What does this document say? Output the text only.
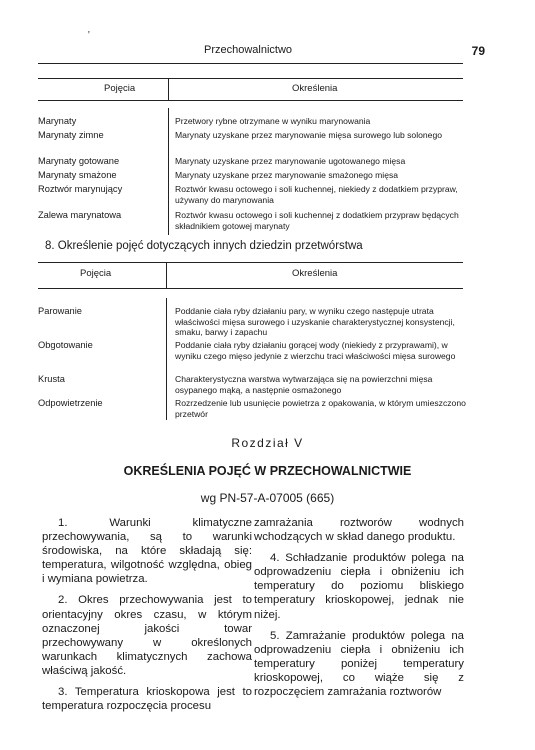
'
Przechowalnictwo	79
Pojęcia	Określenia
Marynaty	Przetwory rybne otrzymane w wyniku marynowania
Marynaty zimne	Marynaty uzyskane przez marynowanie mięsa surowego lub solonego
Marynaty gotowane	Marynaty uzyskane przez marynowanie ugotowanego mięsa
Marynaty smażone	Marynaty uzyskane przez marynowanie smażonego mięsa
Roztwór marynujący	Roztwór kwasu octowego i soli kuchennej, niekiedy z dodatkiem przypraw, używany do marynowania
Zalewa marynatowa	Roztwór kwasu octowego i soli kuchennej z dodatkiem przypraw będących składnikiem gotowej marynaty
8. Określenie pojęć dotyczących innych dziedzin przetwórstwa
Pojęcia	Określenia
Parowanie	Poddanie ciała ryby działaniu pary, w wyniku czego następuje utrata właściwości mięsa surowego i uzyskanie charakterystycznej konsystencji, smaku, barwy i zapachu
Obgotowanie	Poddanie ciała ryby działaniu gorącej wody (niekiedy z przyprawami), w wyniku czego mięso jedynie z wierzchu traci właściwości mięsa surowego
Krusta	Charakterystyczna warstwa wytwarzająca się na powierzchni mięsa osypanego mąką, a następnie osmażonego
Odpowietrzenie	Rozrzedzenie lub usunięcie powietrza z opakowania, w którym umieszczono przetwór
Rozdział V
OKREŚLENIA POJĘĆ W PRZECHOWALNICTWIE
wg PN-57-A-07005 (665)

1. Warunki klimatyczne przechowywania, są to warunki środowiska, na które składają się: temperatura, wilgotność względna, obieg i wymiana powietrza.

2. Okres przechowywania jest to orientacyjny okres czasu, w którym oznaczonej jakości towar przechowywany w określonych warunkach klimatycznych zachowa właściwą jakość.

3. Temperatura krioskopowa jest to temperatura rozpoczęcia procesu

zamrażania roztworów wodnych wchodzących w skład danego produktu.

4. Schładzanie produktów polega na odprowadzeniu ciepła i obniżeniu ich temperatury do poziomu bliskiego temperatury krioskopowej, jednak nie niżej.

5. Zamrażanie produktów polega na odprowadzeniu ciepła i obniżeniu ich temperatury poniżej temperatury krioskopowej, co wiąże się z rozpoczęciem zamrażania roztworów
